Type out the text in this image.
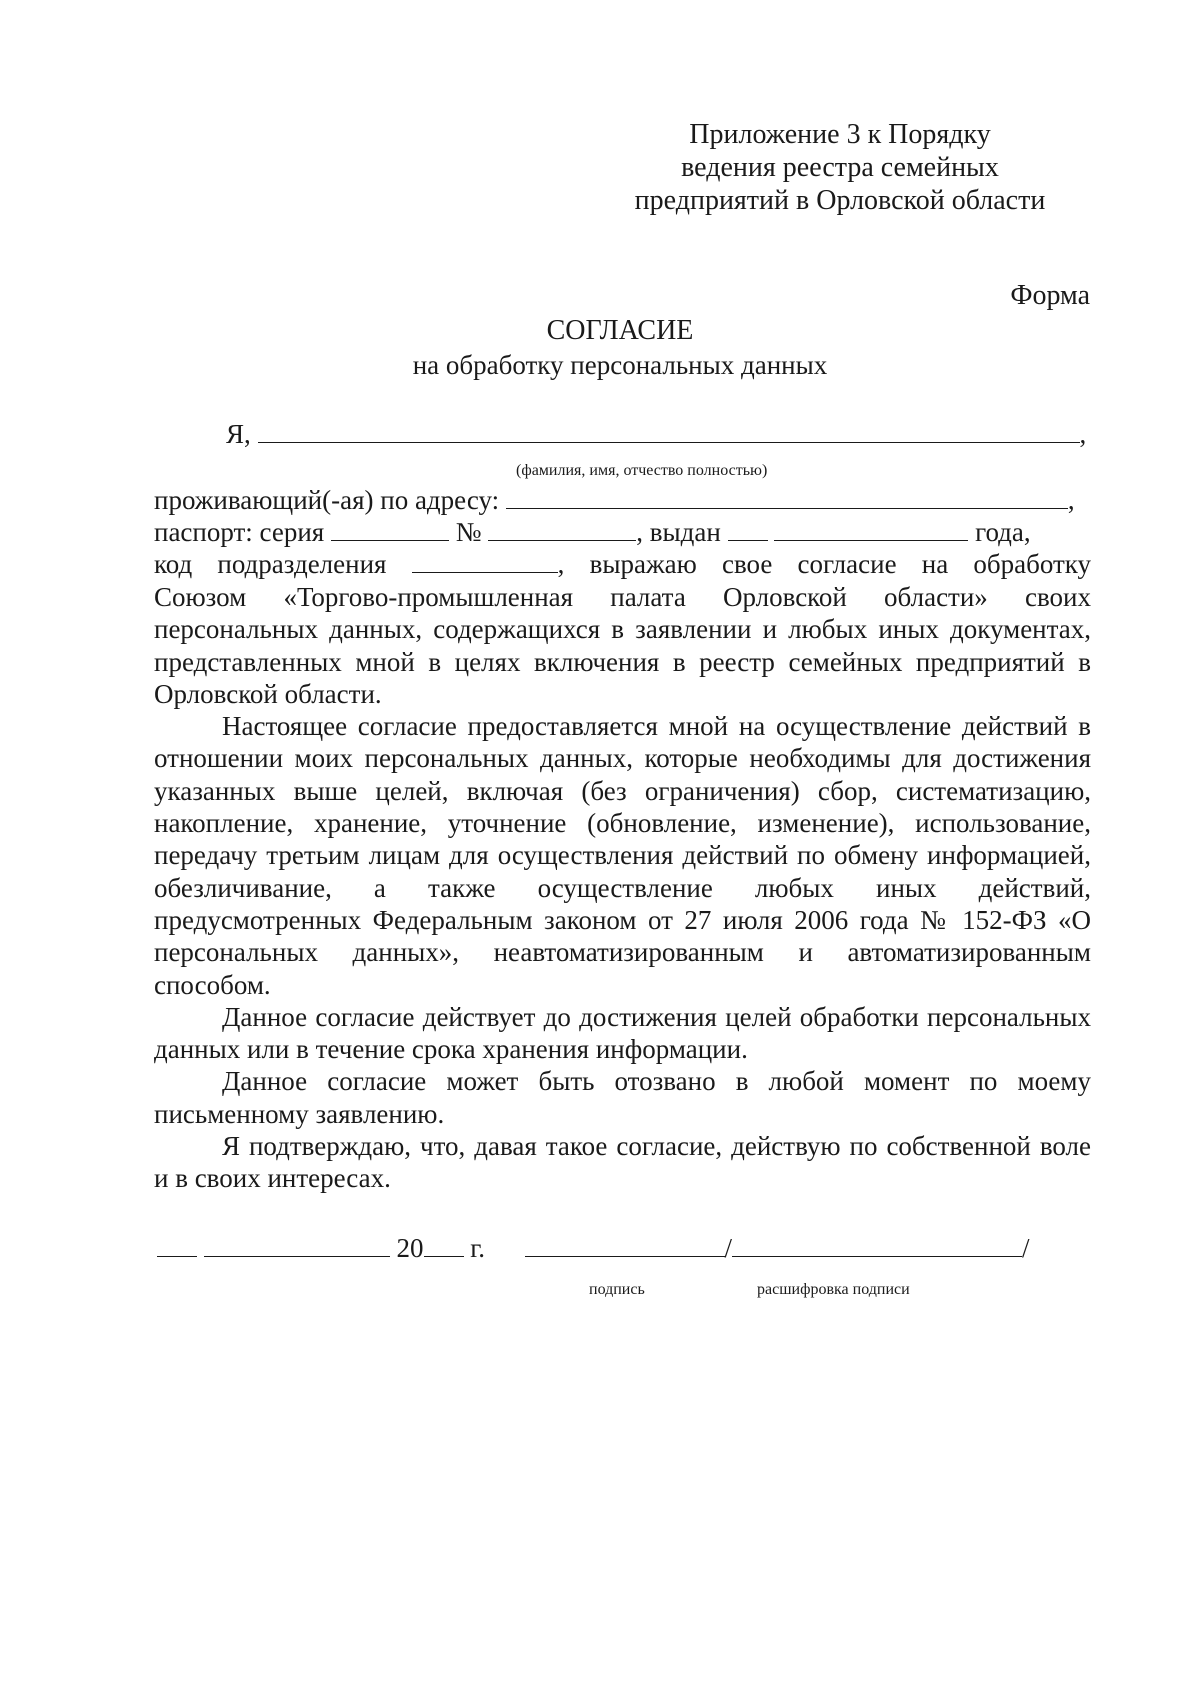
Приложение 3 к Порядку
ведения реестра семейных
предприятий в Орловской области
Форма
СОГЛАСИЕ
на обработку персональных данных
Я,	,
(фамилия, имя, отчество полностью)
проживающий(-ая) по адресу:	,
паспорт: серия	№	, выдан	года,
код подразделения	, выражаю свое согласие на обработку

Союзом «Торгово-промышленная палата Орловской области» своих персональных данных, содержащихся в заявлении и любых иных документах, представленных мной в целях включения в реестр семейных предприятий в Орловской области.

Настоящее согласие предоставляется мной на осуществление действий в отношении моих персональных данных, которые необходимы для достижения указанных выше целей, включая (без ограничения) сбор, систематизацию, накопление, хранение, уточнение (обновление, изменение), использование, передачу третьим лицам для осуществления действий по обмену информацией, обезличивание, а также осуществление любых иных действий, предусмотренных Федеральным законом от 27 июля 2006 года № 152-ФЗ «О персональных данных», неавтоматизированным и автоматизированным способом.

Данное согласие действует до достижения целей обработки персональных данных или в течение срока хранения информации.

Данное согласие может быть отозвано в любой момент по моему письменному заявлению.

Я подтверждаю, что, давая такое согласие, действую по собственной воле и в своих интересах.

20 г.	/	/
подпись	расшифровка подписи
